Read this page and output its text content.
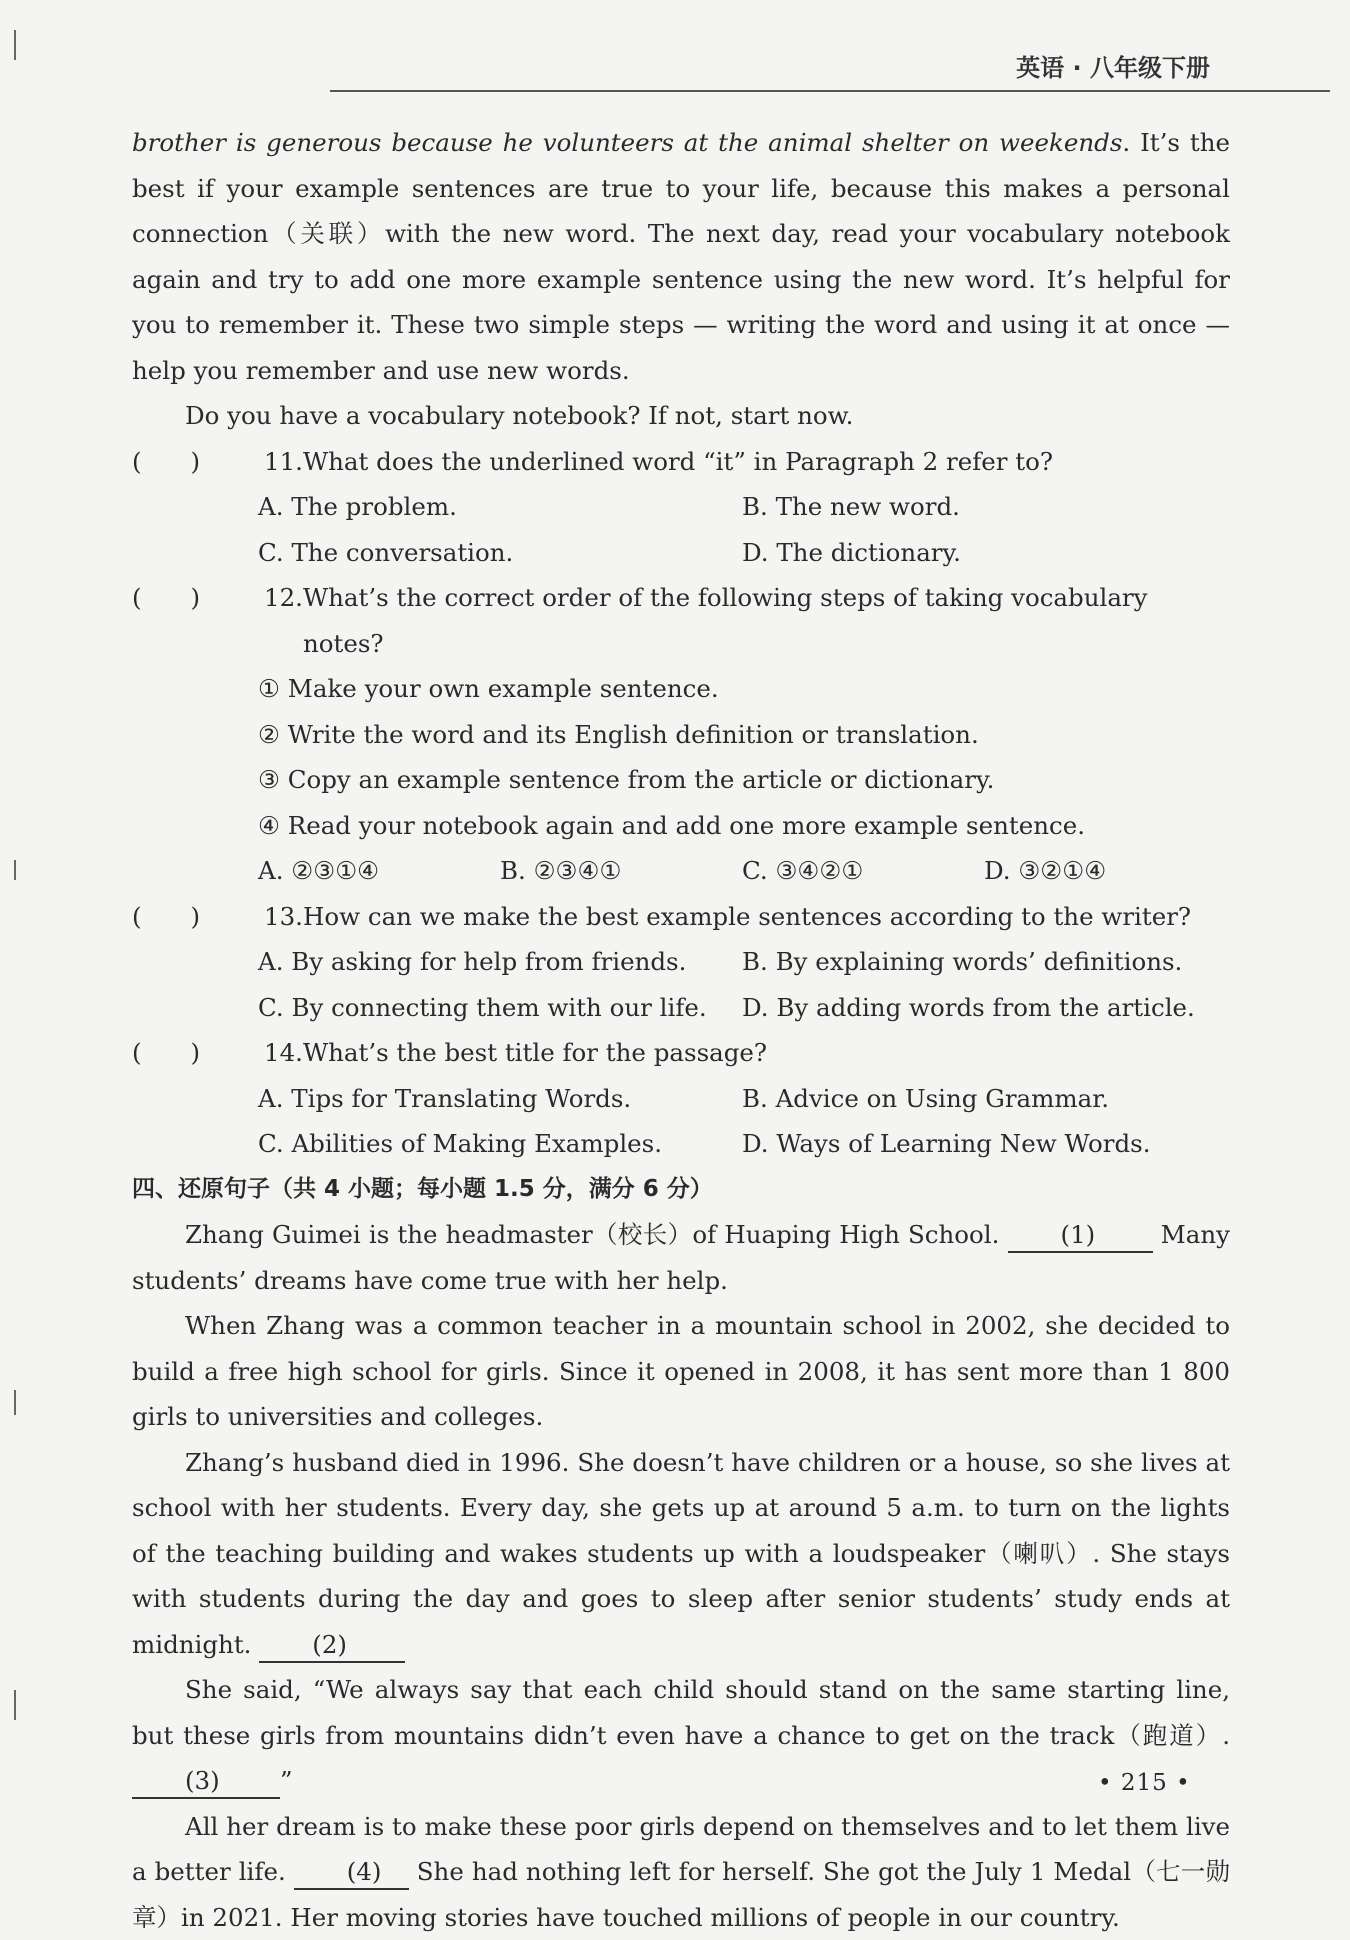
英语 · 八年级下册

brother is generous because he volunteers at the animal shelter on weekends. It’s the best if your example sentences are true to your life, because this makes a personal connection（关联）with the new word. The next day, read your vocabulary notebook again and try to add one more example sentence using the new word. It’s helpful for you to remember it. These two simple steps — writing the word and using it at once — help you remember and use new words.

Do you have a vocabulary notebook? If not, start now.

(　　)	11. What does the underlined word “it” in Paragraph 2 refer to?

A. The problem.	B. The new word.
C. The conversation.	D. The dictionary.

(　　)	12. What’s the correct order of the following steps of taking vocabulary notes?

① Make your own example sentence.

② Write the word and its English definition or translation.

③ Copy an example sentence from the article or dictionary.

④ Read your notebook again and add one more example sentence.

A. ②③①④	B. ②③④①	C. ③④②①	D. ③②①④

(　　)	13. How can we make the best example sentences according to the writer?

A. By asking for help from friends.	B. By explaining words’ definitions.
C. By connecting them with our life.	D. By adding words from the article.

(　　)	14. What’s the best title for the passage?

A. Tips for Translating Words.	B. Advice on Using Grammar.
C. Abilities of Making Examples.	D. Ways of Learning New Words.

四、还原句子（共 4 小题；每小题 1.5 分，满分 6 分）

Zhang Guimei is the headmaster（校长）of Huaping High School. (1)	Many students’ dreams have come true with her help.

When Zhang was a common teacher in a mountain school in 2002, she decided to build a free high school for girls. Since it opened in 2008, it has sent more than 1 800 girls to universities and colleges.

Zhang’s husband died in 1996. She doesn’t have children or a house, so she lives at school with her students. Every day, she gets up at around 5 a.m. to turn on the lights of the teaching building and wakes students up with a loudspeaker（喇叭）. She stays with students during the day and goes to sleep after senior students’ study ends at midnight. (2)

She said, “We always say that each child should stand on the same starting line, but these girls from mountains didn’t even have a chance to get on the track（跑道）. (3) ”

All her dream is to make these poor girls depend on themselves and to let them live a better life. (4) She had nothing left for herself. She got the July 1 Medal（七一勋章）in 2021. Her moving stories have touched millions of people in our country.

• 215 •
